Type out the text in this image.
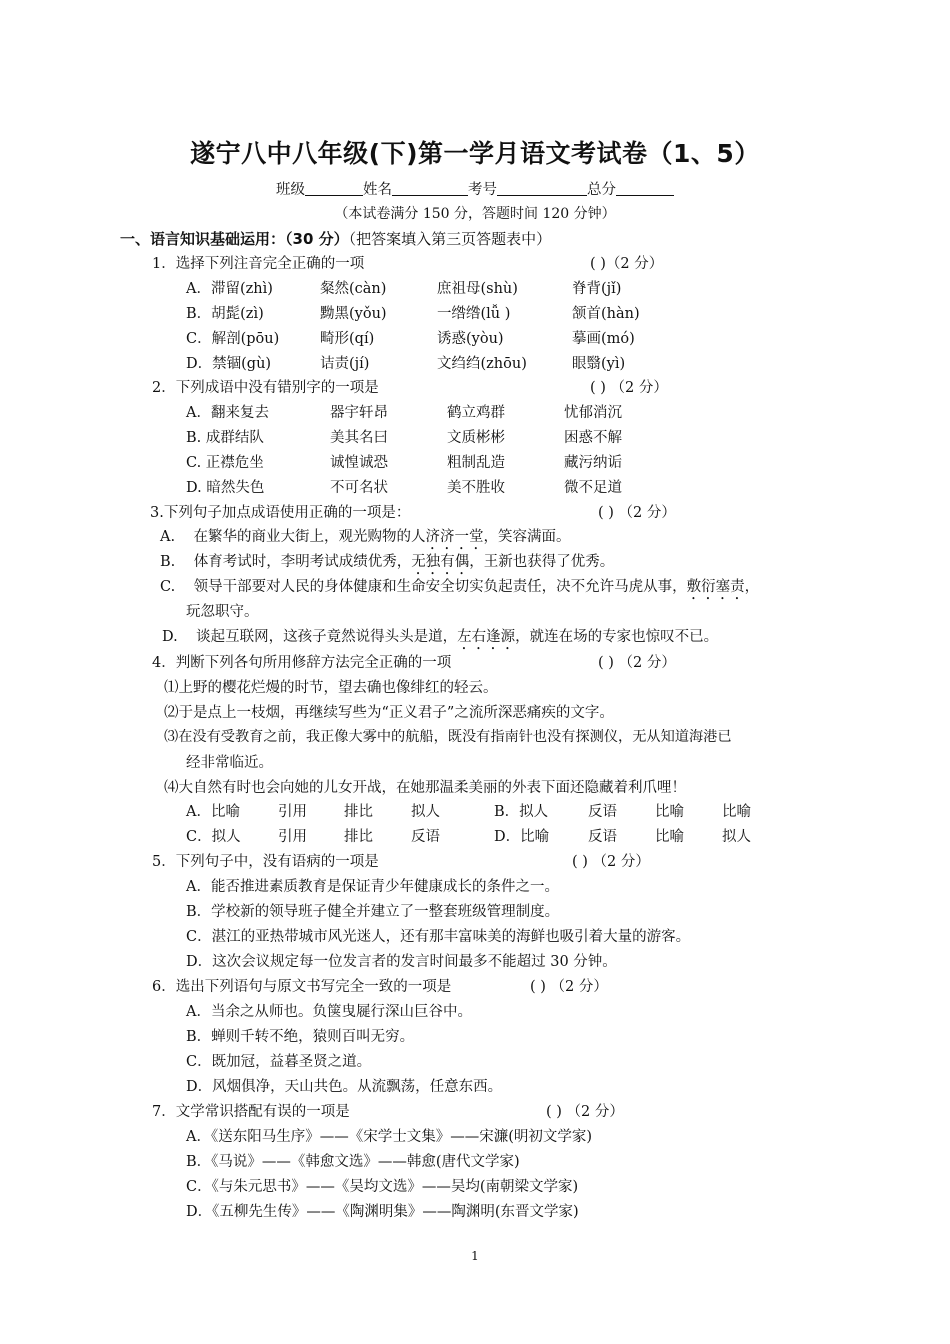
遂宁八中八年级(下)第一学月语文考试卷（1、5）
班级	姓名	考号	总分
（本试卷满分 150 分，答题时间 120 分钟）
一、语言知识基础运用：（30 分）（把答案填入第三页答题表中）
1．选择下列注音完全正确的一项	( )（2 分）
A．滞留(zhì)	粲然(càn)	庶祖母(shù)	脊背(jǐ)
B．胡髭(zì)	黝黑(yǒu)	一绺绺(lǚ )	颔首(hàn)
C．解剖(pōu)	畸形(qí)	诱惑(yòu)	摹画(mó)
D．禁锢(gù)	诘责(jí)	文绉绉(zhōu)	眼翳(yì)
2．下列成语中没有错别字的一项是	( ) （2 分）
A．翻来复去	器宇轩昂	鹤立鸡群	忧郁消沉
B. 成群结队	美其名曰	文质彬彬	困惑不解
C. 正襟危坐	诚惶诚恐	粗制乱造	藏污纳诟
D. 暗然失色	不可名状	美不胜收	微不足道
3.下列句子加点成语使用正确的一项是：	( ) （2 分）
A. 在繁华的商业大街上，观光购物的人济济一堂，笑容满面。
B. 体育考试时，李明考试成绩优秀，无独有偶，王新也获得了优秀。
C. 领导干部要对人民的身体健康和生命安全切实负起责任，决不允许马虎从事，敷衍塞责，
玩忽职守。
D. 谈起互联网，这孩子竟然说得头头是道，左右逢源，就连在场的专家也惊叹不已。
4．判断下列各句所用修辞方法完全正确的一项	( ) （2 分）
⑴上野的樱花烂熳的时节，望去确也像绯红的轻云。
⑵于是点上一枝烟，再继续写些为“正义君子”之流所深恶痛疾的文字。
⑶在没有受教育之前，我正像大雾中的航船，既没有指南针也没有探测仪，无从知道海港已
经非常临近。
⑷大自然有时也会向她的儿女开战，在她那温柔美丽的外表下面还隐藏着利爪哩！
A．比喻	引用	排比	拟人	B．拟人	反语	比喻	比喻
C．拟人	引用	排比	反语	D．比喻	反语	比喻	拟人
5．下列句子中，没有语病的一项是	( ) （2 分）
A．能否推进素质教育是保证青少年健康成长的条件之一。
B．学校新的领导班子健全并建立了一整套班级管理制度。
C．湛江的亚热带城市风光迷人，还有那丰富味美的海鲜也吸引着大量的游客。
D．这次会议规定每一位发言者的发言时间最多不能超过 30 分钟。
6．选出下列语句与原文书写完全一致的一项是	( ) （2 分）
A．当余之从师也。负箧曳屣行深山巨谷中。
B．蝉则千转不绝，猿则百叫无穷。
C．既加冠，益暮圣贤之道。
D．风烟俱净，天山共色。从流飘荡，任意东西。
7．文学常识搭配有误的一项是	( ) （2 分）
A．《送东阳马生序》——《宋学士文集》——宋濂(明初文学家)
B．《马说》——《韩愈文选》——韩愈(唐代文学家)
C．《与朱元思书》——《吴均文选》——吴均(南朝梁文学家)
D．《五柳先生传》——《陶渊明集》——陶渊明(东晋文学家)
1
